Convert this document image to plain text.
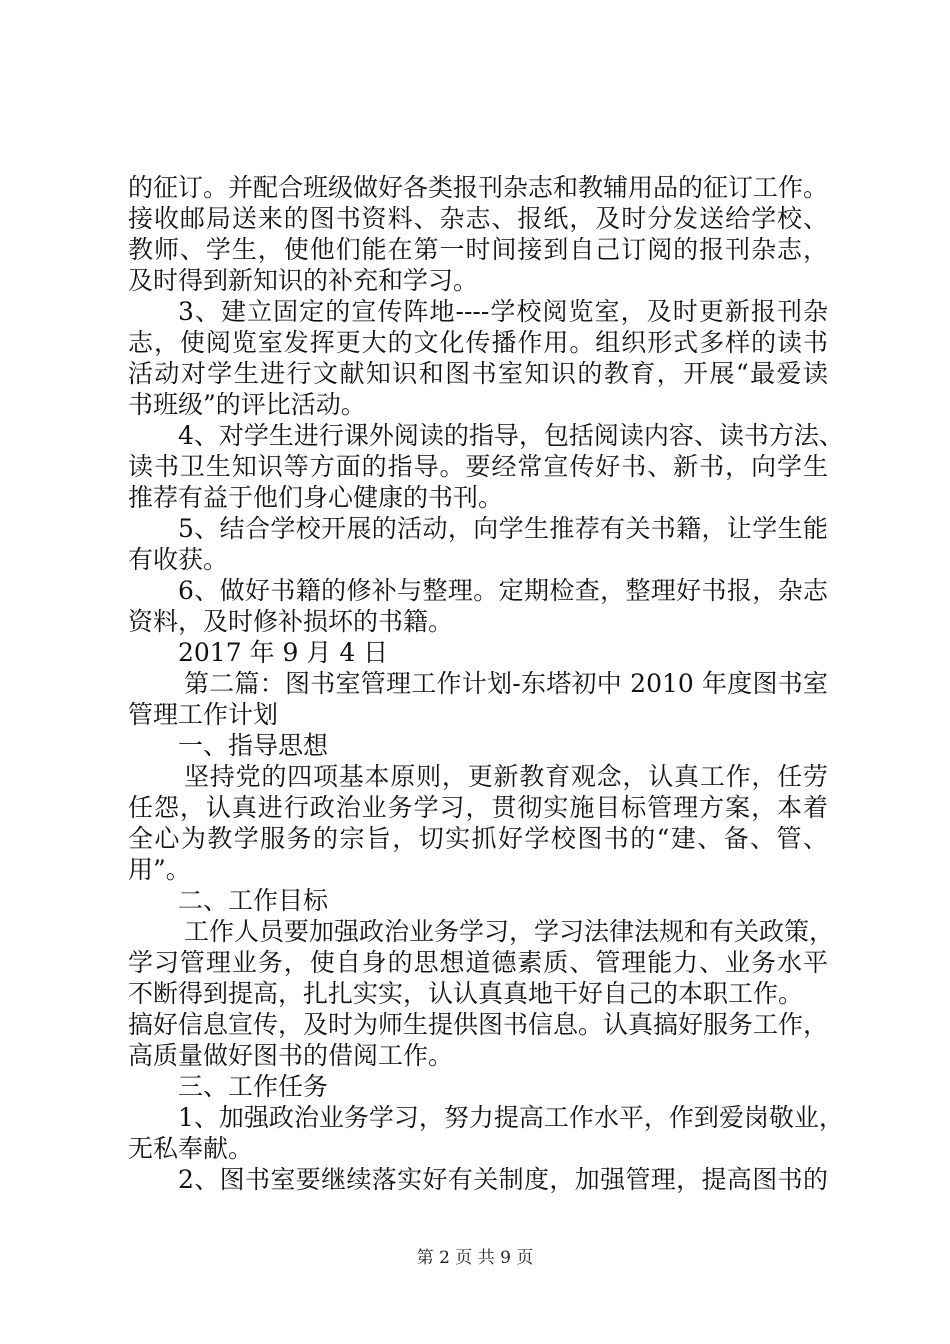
的征订。并配合班级做好各类报刊杂志和教辅用品的征订工作。
接收邮局送来的图书资料、杂志、报纸，及时分发送给学校、
教师、学生，使他们能在第一时间接到自己订阅的报刊杂志，
及时得到新知识的补充和学习。
3、建立固定的宣传阵地----学校阅览室，及时更新报刊杂
志，使阅览室发挥更大的文化传播作用。组织形式多样的读书
活动对学生进行文献知识和图书室知识的教育，开展“最爱读
书班级”的评比活动。
4、对学生进行课外阅读的指导，包括阅读内容、读书方法、
读书卫生知识等方面的指导。要经常宣传好书、新书，向学生
推荐有益于他们身心健康的书刊。
5、结合学校开展的活动，向学生推荐有关书籍，让学生能
有收获。
6、做好书籍的修补与整理。定期检查，整理好书报，杂志
资料，及时修补损坏的书籍。
2017 年 9 月 4 日
第二篇：图书室管理工作计划-东塔初中 2010 年度图书室
管理工作计划
一、指导思想
坚持党的四项基本原则，更新教育观念，认真工作，任劳
任怨，认真进行政治业务学习，贯彻实施目标管理方案，本着
全心为教学服务的宗旨，切实抓好学校图书的“建、备、管、
用”。
二、工作目标
工作人员要加强政治业务学习，学习法律法规和有关政策，
学习管理业务，使自身的思想道德素质、管理能力、业务水平
不断得到提高，扎扎实实，认认真真地干好自己的本职工作。
搞好信息宣传，及时为师生提供图书信息。认真搞好服务工作，
高质量做好图书的借阅工作。
三、工作任务
1、加强政治业务学习，努力提高工作水平，作到爱岗敬业，
无私奉献。
2、图书室要继续落实好有关制度，加强管理，提高图书的
第 2 页 共 9 页
